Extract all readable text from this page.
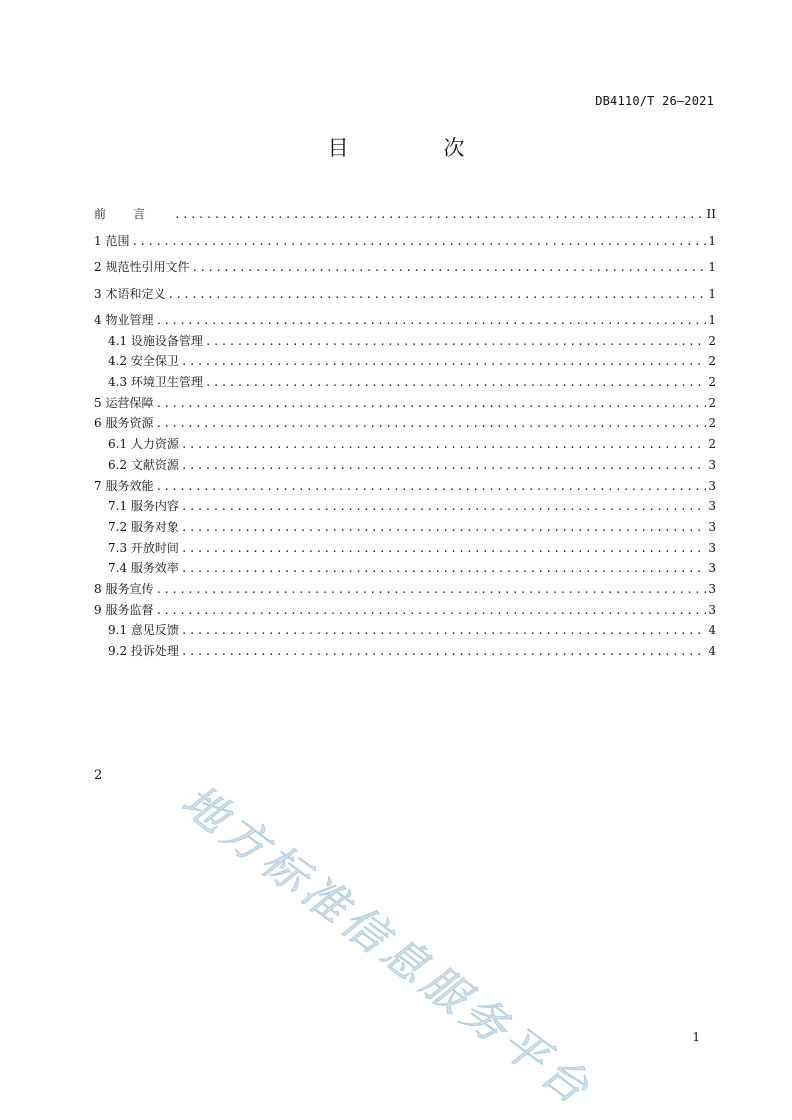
DB4110/T 26—2021
目 次
前言 .....	II
1 范围 .....	1
2 规范性引用文件 .....	1
3 术语和定义 .....	1
4 物业管理 .....	1
4.1 设施设备管理 .....	2
4.2 安全保卫 .....	2
4.3 环境卫生管理 .....	2
5 运营保障 .....	2
6 服务资源 .....	2
6.1 人力资源 .....	2
6.2 文献资源 .....	3
7 服务效能 .....	3
7.1 服务内容 .....	3
7.2 服务对象 .....	3
7.3 开放时间 .....	3
7.4 服务效率 .....	3
8 服务宣传 .....	3
9 服务监督 .....	3
9.1 意见反馈 .....	4
9.2 投诉处理 .....	4
2
1
地方标准信息服务平台
